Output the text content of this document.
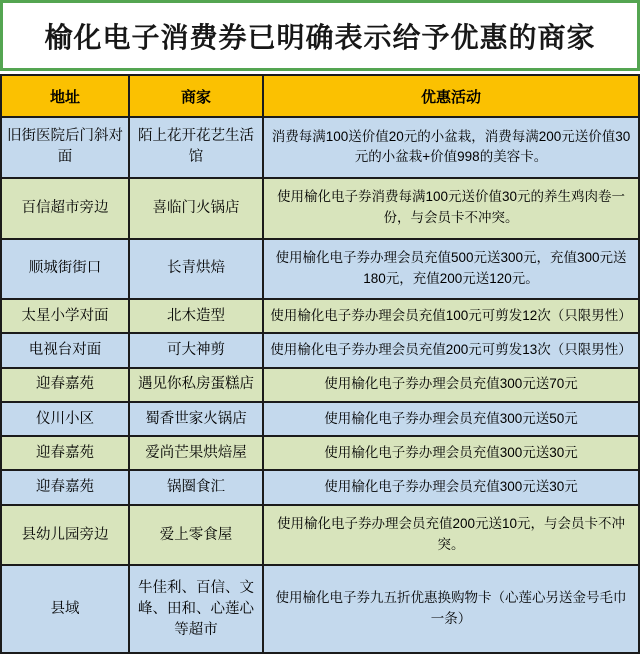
榆化电子消费券已明确表示给予优惠的商家
地址	商家	优惠活动
旧街医院后门斜对面	陌上花开花艺生活馆	消费每满100送价值20元的小盆栽，消费每满200元送价值30元的小盆栽+价值998的美容卡。
百信超市旁边	喜临门火锅店	使用榆化电子券消费每满100元送价值30元的养生鸡肉卷一份，与会员卡不冲突。
顺城街街口	长青烘焙	使用榆化电子券办理会员充值500元送300元，充值300元送180元，充值200元送120元。
太星小学对面	北木造型	使用榆化电子券办理会员充值100元可剪发12次（只限男性）
电视台对面	可大神剪	使用榆化电子券办理会员充值200元可剪发13次（只限男性）
迎春嘉苑	遇见你私房蛋糕店	使用榆化电子券办理会员充值300元送70元
仪川小区	蜀香世家火锅店	使用榆化电子券办理会员充值300元送50元
迎春嘉苑	爱尚芒果烘焙屋	使用榆化电子券办理会员充值300元送30元
迎春嘉苑	锅圈食汇	使用榆化电子券办理会员充值300元送30元
县幼儿园旁边	爱上零食屋	使用榆化电子券办理会员充值200元送10元，与会员卡不冲突。
县域	牛佳利、百信、文峰、田和、心莲心等超市	使用榆化电子券九五折优惠换购物卡（心莲心另送金号毛巾一条）
